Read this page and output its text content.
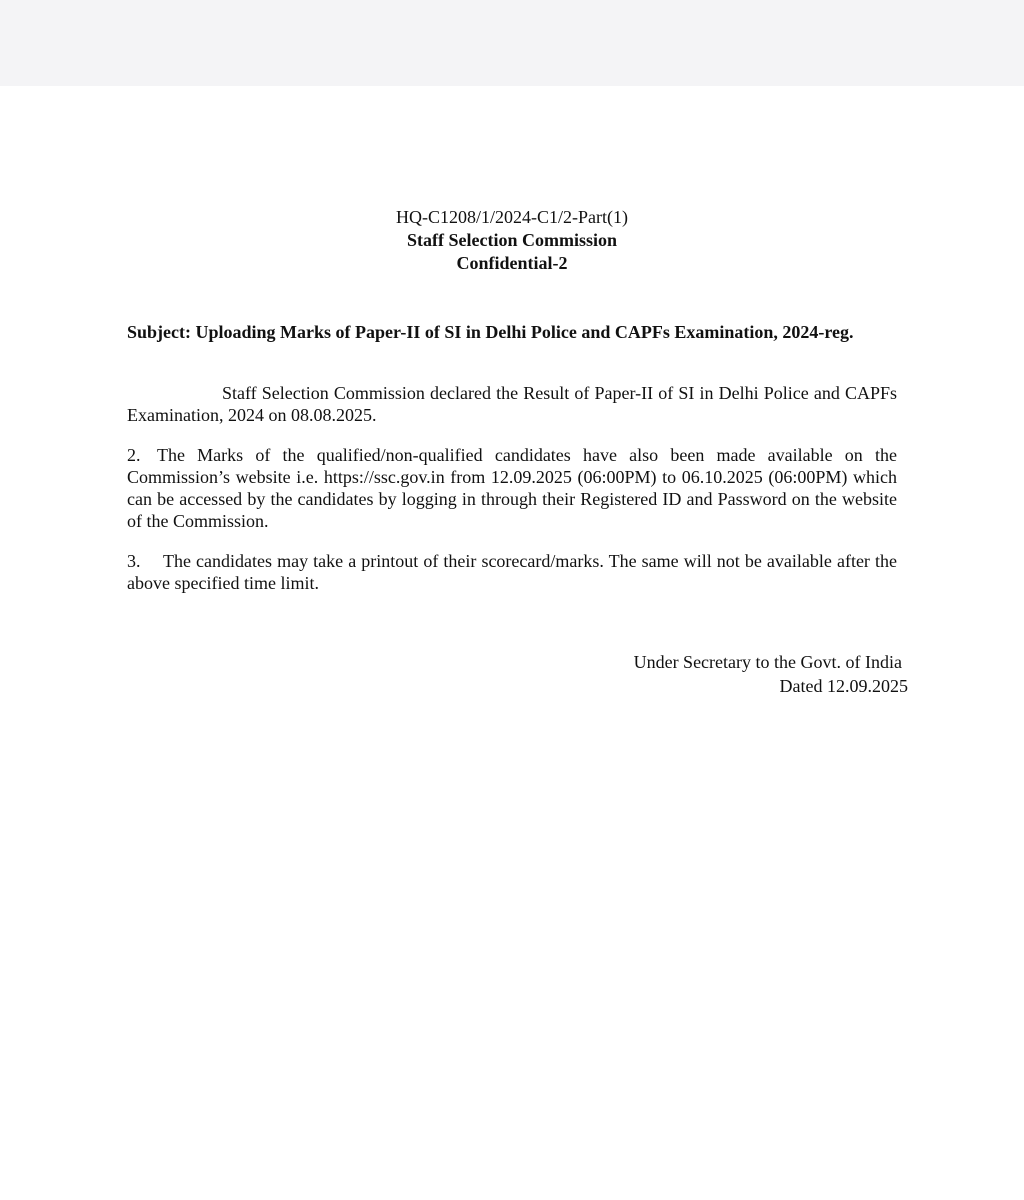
HQ-C1208/1/2024-C1/2-Part(1)
Staff Selection Commission
Confidential-2
Subject: Uploading Marks of Paper-II of SI in Delhi Police and CAPFs Examination, 2024-reg.
Staff Selection Commission declared the Result of Paper-II of SI in Delhi Police and CAPFs Examination, 2024 on 08.08.2025.
2. The Marks of the qualified/non-qualified candidates have also been made available on the Commission’s website i.e. https://ssc.gov.in from 12.09.2025 (06:00PM) to 06.10.2025 (06:00PM) which can be accessed by the candidates by logging in through their Registered ID and Password on the website of the Commission.
3. The candidates may take a printout of their scorecard/marks. The same will not be available after the above specified time limit.
Under Secretary to the Govt. of India
Dated 12.09.2025
